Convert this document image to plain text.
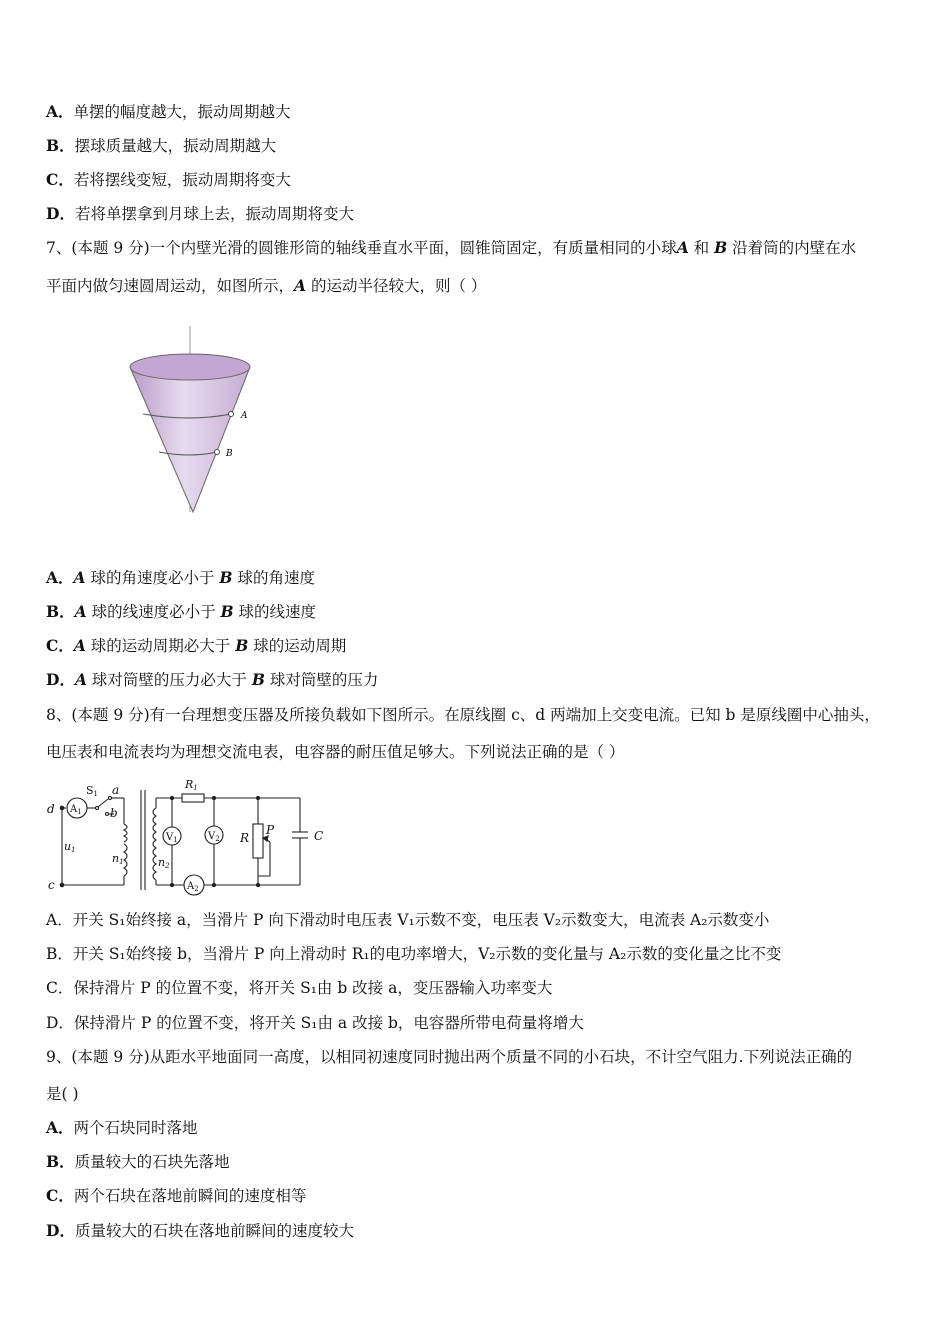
A．单摆的幅度越大，振动周期越大
B．摆球质量越大，振动周期越大
C．若将摆线变短，振动周期将变大
D．若将单摆拿到月球上去，振动周期将变大
7、(本题 9 分)一个内壁光滑的圆锥形筒的轴线垂直水平面，圆锥筒固定，有质量相同的小球A 和 B 沿着筒的内壁在水
平面内做匀速圆周运动，如图所示，A 的运动半径较大，则（ ）
A
B
A．A 球的角速度必小于 B 球的角速度
B．A 球的线速度必小于 B 球的线速度
C．A 球的运动周期必大于 B 球的运动周期
D．A 球对筒壁的压力必大于 B 球对筒壁的压力
8、(本题 9 分)有一台理想变压器及所接负载如下图所示。在原线圈 c、d 两端加上交变电流。已知 b 是原线圈中心抽头，
电压表和电流表均为理想交流电表，电容器的耐压值足够大。下列说法正确的是（ ）
d
c
$A_1$
S1 a
b
u1
n1	n2
R1
$V_1$	$V_2$
$A_2$
R
P	C
A．开关 S₁始终接 a，当滑片 P 向下滑动时电压表 V₁示数不变，电压表 V₂示数变大，电流表 A₂示数变小
B．开关 S₁始终接 b，当滑片 P 向上滑动时 R₁的电功率增大，V₂示数的变化量与 A₂示数的变化量之比不变
C．保持滑片 P 的位置不变，将开关 S₁由 b 改接 a，变压器输入功率变大
D．保持滑片 P 的位置不变，将开关 S₁由 a 改接 b，电容器所带电荷量将增大
9、(本题 9 分)从距水平地面同一高度，以相同初速度同时抛出两个质量不同的小石块，不计空气阻力.下列说法正确的
是( )
A．两个石块同时落地
B．质量较大的石块先落地
C．两个石块在落地前瞬间的速度相等
D．质量较大的石块在落地前瞬间的速度较大
